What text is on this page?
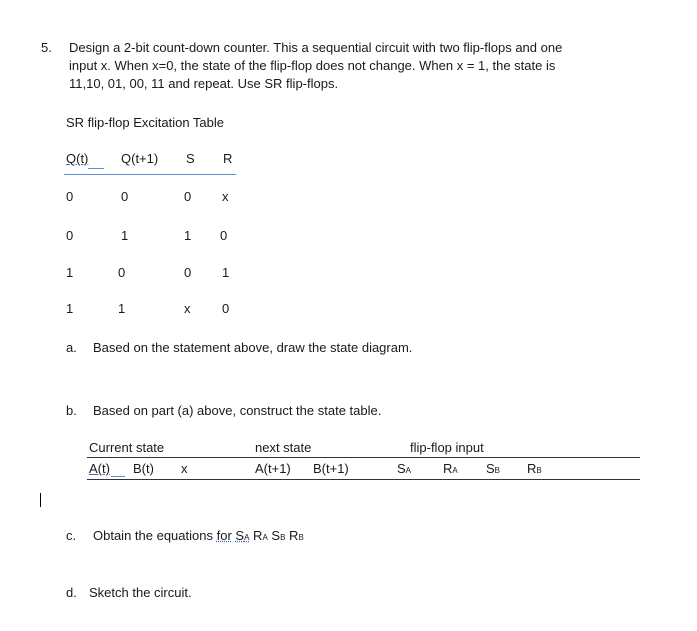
5. Design a 2-bit count-down counter. This a sequential circuit with two flip-flops and one
input x. When x=0, the state of the flip-flop does not change. When x = 1, the state is
11,10, 01, 00, 11 and repeat. Use SR flip-flops.
SR flip-flop Excitation Table
Q(t)	Q(t+1) S R
0	0	0 x
0	1	1 0
1	0	0 1
1	1	x 0
a. Based on the statement above, draw the state diagram.
b. Based on part (a) above, construct the state table.
Current state	next state	flip-flop input
A(t) B(t) x	A(t+1) B(t+1)	SA RA SB RB
c. Obtain the equations for SA RA SB RB
d. Sketch the circuit.
